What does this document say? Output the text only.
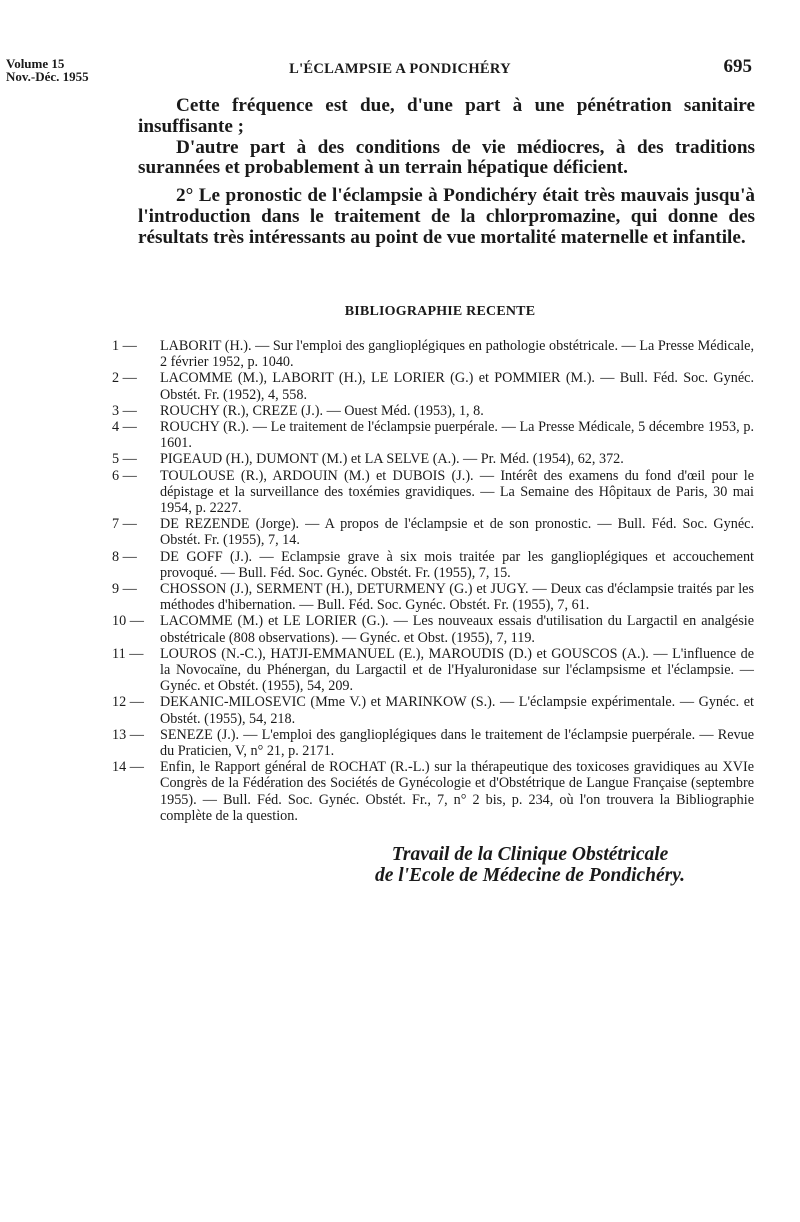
Volume 15
Nov.-Déc. 1955	L'ÉCLAMPSIE A PONDICHÉRY	695

Cette fréquence est due, d'une part à une pénétration sanitaire insuffisante ;

D'autre part à des conditions de vie médiocres, à des traditions surannées et probablement à un terrain hépatique déficient.

2° Le pronostic de l'éclampsie à Pondichéry était très mauvais jusqu'à l'introduction dans le traitement de la chlorpromazine, qui donne des résultats très intéressants au point de vue mortalité maternelle et infantile.

BIBLIOGRAPHIE RECENTE
1 —	LABORIT (H.). — Sur l'emploi des ganglioplégiques en pathologie obstétricale. — La Presse Médicale, 2 février 1952, p. 1040.
2 —	LACOMME (M.), LABORIT (H.), LE LORIER (G.) et POMMIER (M.). — Bull. Féd. Soc. Gynéc. Obstét. Fr. (1952), 4, 558.
3 —	ROUCHY (R.), CREZE (J.). — Ouest Méd. (1953), 1, 8.
4 —	ROUCHY (R.). — Le traitement de l'éclampsie puerpérale. — La Presse Médicale, 5 décembre 1953, p. 1601.
5 —	PIGEAUD (H.), DUMONT (M.) et LA SELVE (A.). — Pr. Méd. (1954), 62, 372.
6 —	TOULOUSE (R.), ARDOUIN (M.) et DUBOIS (J.). — Intérêt des examens du fond d'œil pour le dépistage et la surveillance des toxémies gravidiques. — La Semaine des Hôpitaux de Paris, 30 mai 1954, p. 2227.
7 —	DE REZENDE (Jorge). — A propos de l'éclampsie et de son pronostic. — Bull. Féd. Soc. Gynéc. Obstét. Fr. (1955), 7, 14.
8 —	DE GOFF (J.). — Eclampsie grave à six mois traitée par les ganglioplégiques et accouchement provoqué. — Bull. Féd. Soc. Gynéc. Obstét. Fr. (1955), 7, 15.
9 —	CHOSSON (J.), SERMENT (H.), DETURMENY (G.) et JUGY. — Deux cas d'éclampsie traités par les méthodes d'hibernation. — Bull. Féd. Soc. Gynéc. Obstét. Fr. (1955), 7, 61.
10 —	LACOMME (M.) et LE LORIER (G.). — Les nouveaux essais d'utilisation du Largactil en analgésie obstétricale (808 observations). — Gynéc. et Obst. (1955), 7, 119.
11 —	LOUROS (N.-C.), HATJI-EMMANUEL (E.), MAROUDIS (D.) et GOUSCOS (A.). — L'influence de la Novocaïne, du Phénergan, du Largactil et de l'Hyaluronidase sur l'éclampsisme et l'éclampsie. — Gynéc. et Obstét. (1955), 54, 209.
12 —	DEKANIC-MILOSEVIC (Mme V.) et MARINKOW (S.). — L'éclampsie expérimentale. — Gynéc. et Obstét. (1955), 54, 218.
13 —	SENEZE (J.). — L'emploi des ganglioplégiques dans le traitement de l'éclampsie puerpérale. — Revue du Praticien, V, n° 21, p. 2171.
14 —	Enfin, le Rapport général de ROCHAT (R.-L.) sur la thérapeutique des toxicoses gravidiques au XVIe Congrès de la Fédération des Sociétés de Gynécologie et d'Obstétrique de Langue Française (septembre 1955). — Bull. Féd. Soc. Gynéc. Obstét. Fr., 7, n° 2 bis, p. 234, où l'on trouvera la Bibliographie complète de la question.
Travail de la Clinique Obstétricale
de l'Ecole de Médecine de Pondichéry.
